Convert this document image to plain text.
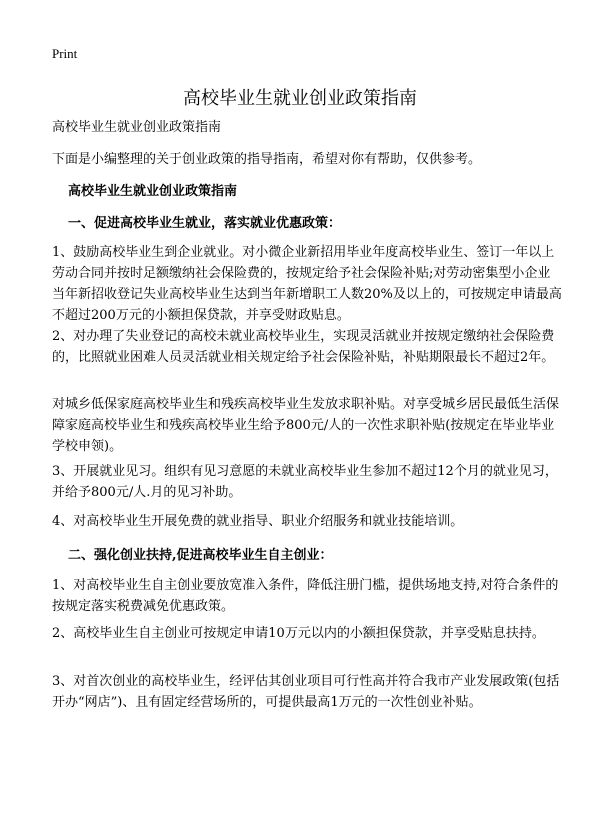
Print
高校毕业生就业创业政策指南

高校毕业生就业创业政策指南

下面是小编整理的关于创业政策的指导指南，希望对你有帮助，仅供参考。

高校毕业生就业创业政策指南

一、促进高校毕业生就业，落实就业优惠政策：

1、鼓励高校毕业生到企业就业。对小微企业新招用毕业年度高校毕业生、签订一年以上劳动合同并按时足额缴纳社会保险费的，按规定给予社会保险补贴;对劳动密集型小企业当年新招收登记失业高校毕业生达到当年新增职工人数20%及以上的，可按规定申请最高不超过200万元的小额担保贷款，并享受财政贴息。

2、对办理了失业登记的高校未就业高校毕业生，实现灵活就业并按规定缴纳社会保险费的，比照就业困难人员灵活就业相关规定给予社会保险补贴，补贴期限最长不超过2年。

对城乡低保家庭高校毕业生和残疾高校毕业生发放求职补贴。对享受城乡居民最低生活保障家庭高校毕业生和残疾高校毕业生给予800元/人的一次性求职补贴(按规定在毕业毕业学校申领)。

3、开展就业见习。组织有见习意愿的未就业高校毕业生参加不超过12个月的就业见习，并给予800元/人.月的见习补助。

4、对高校毕业生开展免费的就业指导、职业介绍服务和就业技能培训。

二、强化创业扶持,促进高校毕业生自主创业：

1、对高校毕业生自主创业要放宽准入条件，降低注册门槛，提供场地支持,对符合条件的按规定落实税费减免优惠政策。

2、高校毕业生自主创业可按规定申请10万元以内的小额担保贷款，并享受贴息扶持。

3、对首次创业的高校毕业生，经评估其创业项目可行性高并符合我市产业发展政策(包括开办“网店”)、且有固定经营场所的，可提供最高1万元的一次性创业补贴。
